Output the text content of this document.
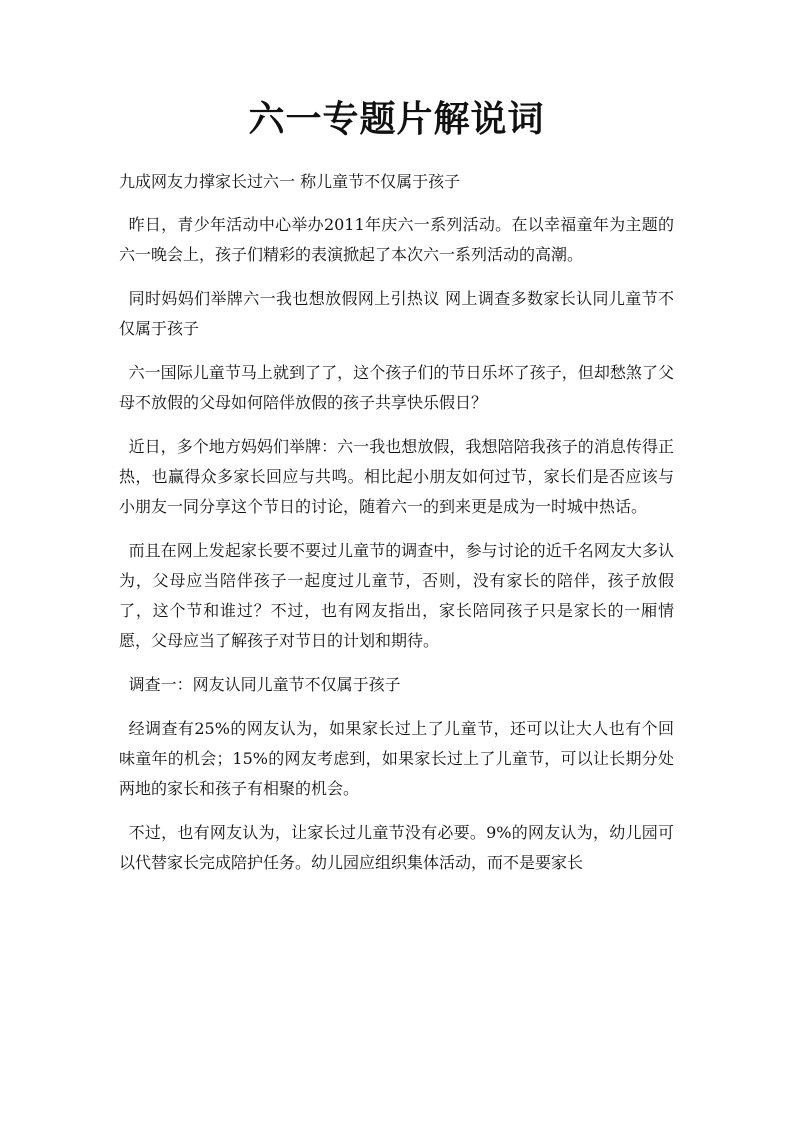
六一专题片解说词

九成网友力撑家长过六一 称儿童节不仅属于孩子

昨日，青少年活动中心举办2011年庆六一系列活动。在以幸福童年为主题的六一晚会上，孩子们精彩的表演掀起了本次六一系列活动的高潮。

同时妈妈们举牌六一我也想放假网上引热议 网上调查多数家长认同儿童节不仅属于孩子

六一国际儿童节马上就到了了，这个孩子们的节日乐坏了孩子，但却愁煞了父母不放假的父母如何陪伴放假的孩子共享快乐假日？

近日，多个地方妈妈们举牌：六一我也想放假，我想陪陪我孩子的消息传得正热，也赢得众多家长回应与共鸣。相比起小朋友如何过节，家长们是否应该与小朋友一同分享这个节日的讨论，随着六一的到来更是成为一时城中热话。

而且在网上发起家长要不要过儿童节的调查中，参与讨论的近千名网友大多认为，父母应当陪伴孩子一起度过儿童节，否则，没有家长的陪伴，孩子放假了，这个节和谁过？不过，也有网友指出，家长陪同孩子只是家长的一厢情愿，父母应当了解孩子对节日的计划和期待。

调查一：网友认同儿童节不仅属于孩子

经调查有25%的网友认为，如果家长过上了儿童节，还可以让大人也有个回味童年的机会；15%的网友考虑到，如果家长过上了儿童节，可以让长期分处两地的家长和孩子有相聚的机会。

不过，也有网友认为，让家长过儿童节没有必要。9%的网友认为，幼儿园可以代替家长完成陪护任务。幼儿园应组织集体活动，而不是要家长
